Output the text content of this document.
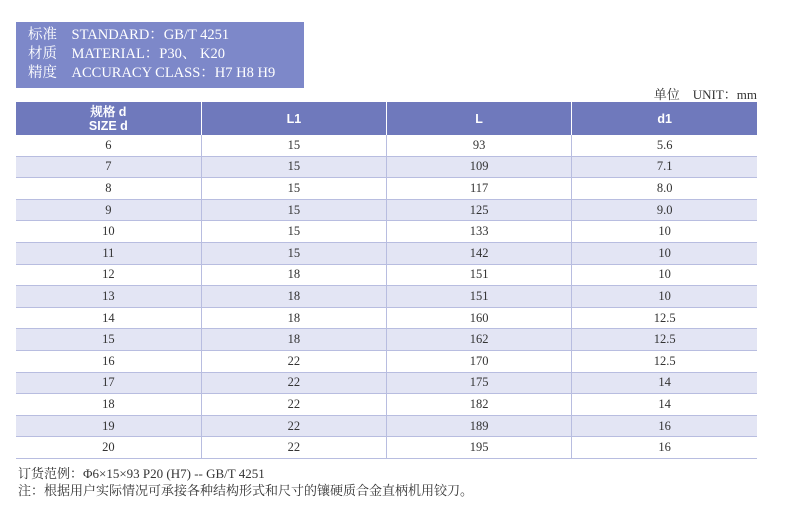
标准　STANDARD：GB/T 4251
材质　MATERIAL：P30、 K20
精度　ACCURACY CLASS：H7 H8 H9
单位　UNIT：mm
规格 d
SIZE d	L1	L	d1

6	15	93	5.6
7	15	109	7.1
8	15	117	8.0
9	15	125	9.0
10	15	133	10
11	15	142	10
12	18	151	10
13	18	151	10
14	18	160	12.5
15	18	162	12.5
16	22	170	12.5
17	22	175	14
18	22	182	14
19	22	189	16
20	22	195	16
订货范例：Φ6×15×93 P20 (H7) -- GB/T 4251
注：根据用户实际情况可承接各种结构形式和尺寸的镶硬质合金直柄机用铰刀。
